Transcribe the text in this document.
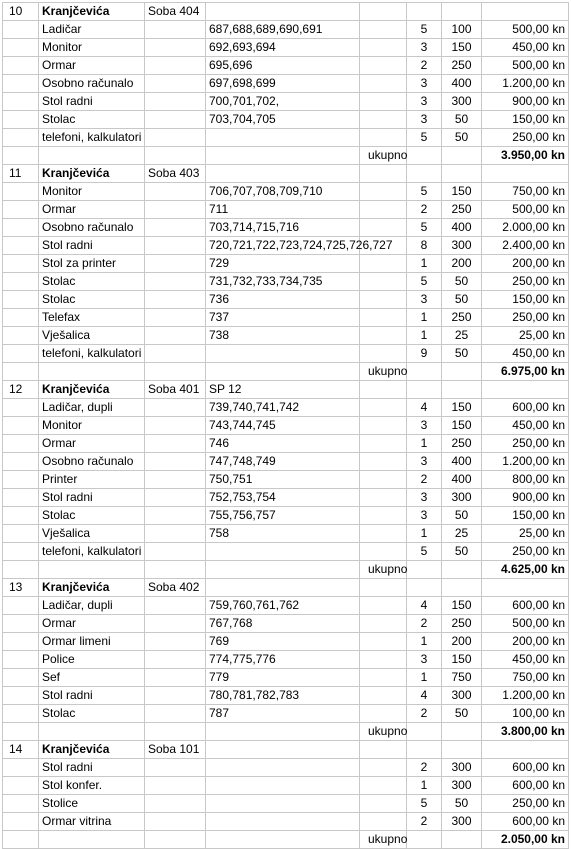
10	Kranjčevića	Soba 404					
	Ladičar		687,688,689,690,691		5	100	500,00 kn
	Monitor		692,693,694		3	150	450,00 kn
	Ormar		695,696		2	250	500,00 kn
	Osobno računalo		697,698,699		3	400	1.200,00 kn
	Stol radni		700,701,702,		3	300	900,00 kn
	Stolac		703,704,705		3	50	150,00 kn
	telefoni, kalkulatori				5	50	250,00 kn
				ukupno			3.950,00 kn
11	Kranjčevića	Soba 403					
	Monitor		706,707,708,709,710		5	150	750,00 kn
	Ormar		711		2	250	500,00 kn
	Osobno računalo		703,714,715,716		5	400	2.000,00 kn
	Stol radni		720,721,722,723,724,725,726,727		8	300	2.400,00 kn
	Stol za printer		729		1	200	200,00 kn
	Stolac		731,732,733,734,735		5	50	250,00 kn
	Stolac		736		3	50	150,00 kn
	Telefax		737		1	250	250,00 kn
	Vješalica		738		1	25	25,00 kn
	telefoni, kalkulatori				9	50	450,00 kn
				ukupno			6.975,00 kn
12	Kranjčevića	Soba 401	SP 12				
	Ladičar, dupli		739,740,741,742		4	150	600,00 kn
	Monitor		743,744,745		3	150	450,00 kn
	Ormar		746		1	250	250,00 kn
	Osobno računalo		747,748,749		3	400	1.200,00 kn
	Printer		750,751		2	400	800,00 kn
	Stol radni		752,753,754		3	300	900,00 kn
	Stolac		755,756,757		3	50	150,00 kn
	Vješalica		758		1	25	25,00 kn
	telefoni, kalkulatori				5	50	250,00 kn
				ukupno			4.625,00 kn
13	Kranjčevića	Soba 402					
	Ladičar, dupli		759,760,761,762		4	150	600,00 kn
	Ormar		767,768		2	250	500,00 kn
	Ormar limeni		769		1	200	200,00 kn
	Police		774,775,776		3	150	450,00 kn
	Sef		779		1	750	750,00 kn
	Stol radni		780,781,782,783		4	300	1.200,00 kn
	Stolac		787		2	50	100,00 kn
				ukupno			3.800,00 kn
14	Kranjčevića	Soba 101					
	Stol radni				2	300	600,00 kn
	Stol konfer.				1	300	600,00 kn
	Stolice				5	50	250,00 kn
	Ormar vitrina				2	300	600,00 kn
				ukupno			2.050,00 kn
